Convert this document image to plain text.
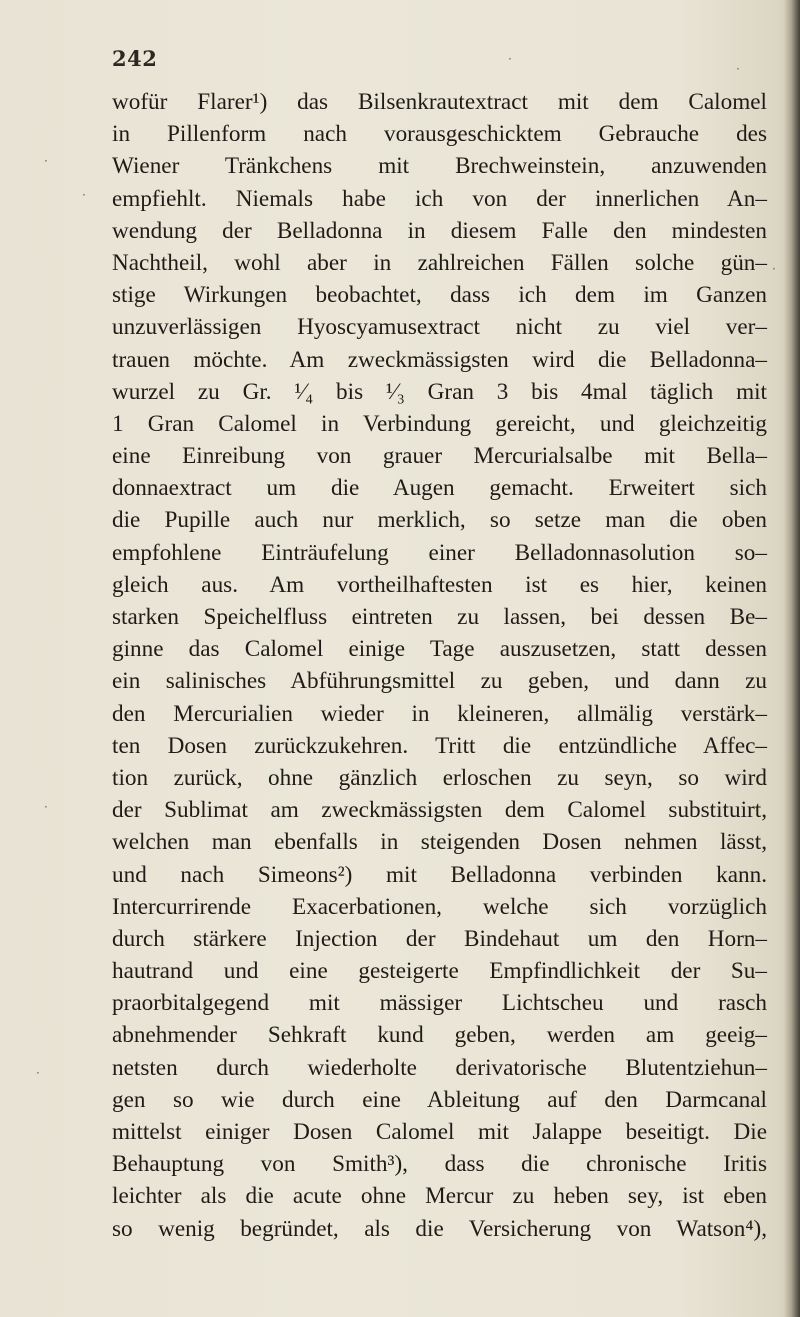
242
wofür Flarer¹) das Bilsenkrautextract mit dem Calomel
in Pillenform nach vorausgeschicktem Gebrauche des
Wiener Tränkchens mit Brechweinstein, anzuwenden
empfiehlt. Niemals habe ich von der innerlichen An–
wendung der Belladonna in diesem Falle den mindesten
Nachtheil, wohl aber in zahlreichen Fällen solche gün–
stige Wirkungen beobachtet, dass ich dem im Ganzen
unzuverlässigen Hyoscyamusextract nicht zu viel ver–
trauen möchte. Am zweckmässigsten wird die Belladonna–
wurzel zu Gr. ¹⁄₄ bis ¹⁄₃ Gran 3 bis 4mal täglich mit
1 Gran Calomel in Verbindung gereicht, und gleichzeitig
eine Einreibung von grauer Mercurialsalbe mit Bella–
donnaextract um die Augen gemacht. Erweitert sich
die Pupille auch nur merklich, so setze man die oben
empfohlene Einträufelung einer Belladonnasolution so–
gleich aus. Am vortheilhaftesten ist es hier, keinen
starken Speichelfluss eintreten zu lassen, bei dessen Be–
ginne das Calomel einige Tage auszusetzen, statt dessen
ein salinisches Abführungsmittel zu geben, und dann zu
den Mercurialien wieder in kleineren, allmälig verstärk–
ten Dosen zurückzukehren. Tritt die entzündliche Affec–
tion zurück, ohne gänzlich erloschen zu seyn, so wird
der Sublimat am zweckmässigsten dem Calomel substituirt,
welchen man ebenfalls in steigenden Dosen nehmen lässt,
und nach Simeons²) mit Belladonna verbinden kann.
Intercurrirende Exacerbationen, welche sich vorzüglich
durch stärkere Injection der Bindehaut um den Horn–
hautrand und eine gesteigerte Empfindlichkeit der Su–
praorbitalgegend mit mässiger Lichtscheu und rasch
abnehmender Sehkraft kund geben, werden am geeig–
netsten durch wiederholte derivatorische Blutentziehun–
gen so wie durch eine Ableitung auf den Darmcanal
mittelst einiger Dosen Calomel mit Jalappe beseitigt. Die
Behauptung von Smith³), dass die chronische Iritis
leichter als die acute ohne Mercur zu heben sey, ist eben
so wenig begründet, als die Versicherung von Watson⁴),
·
·
·
·
·
·
·
